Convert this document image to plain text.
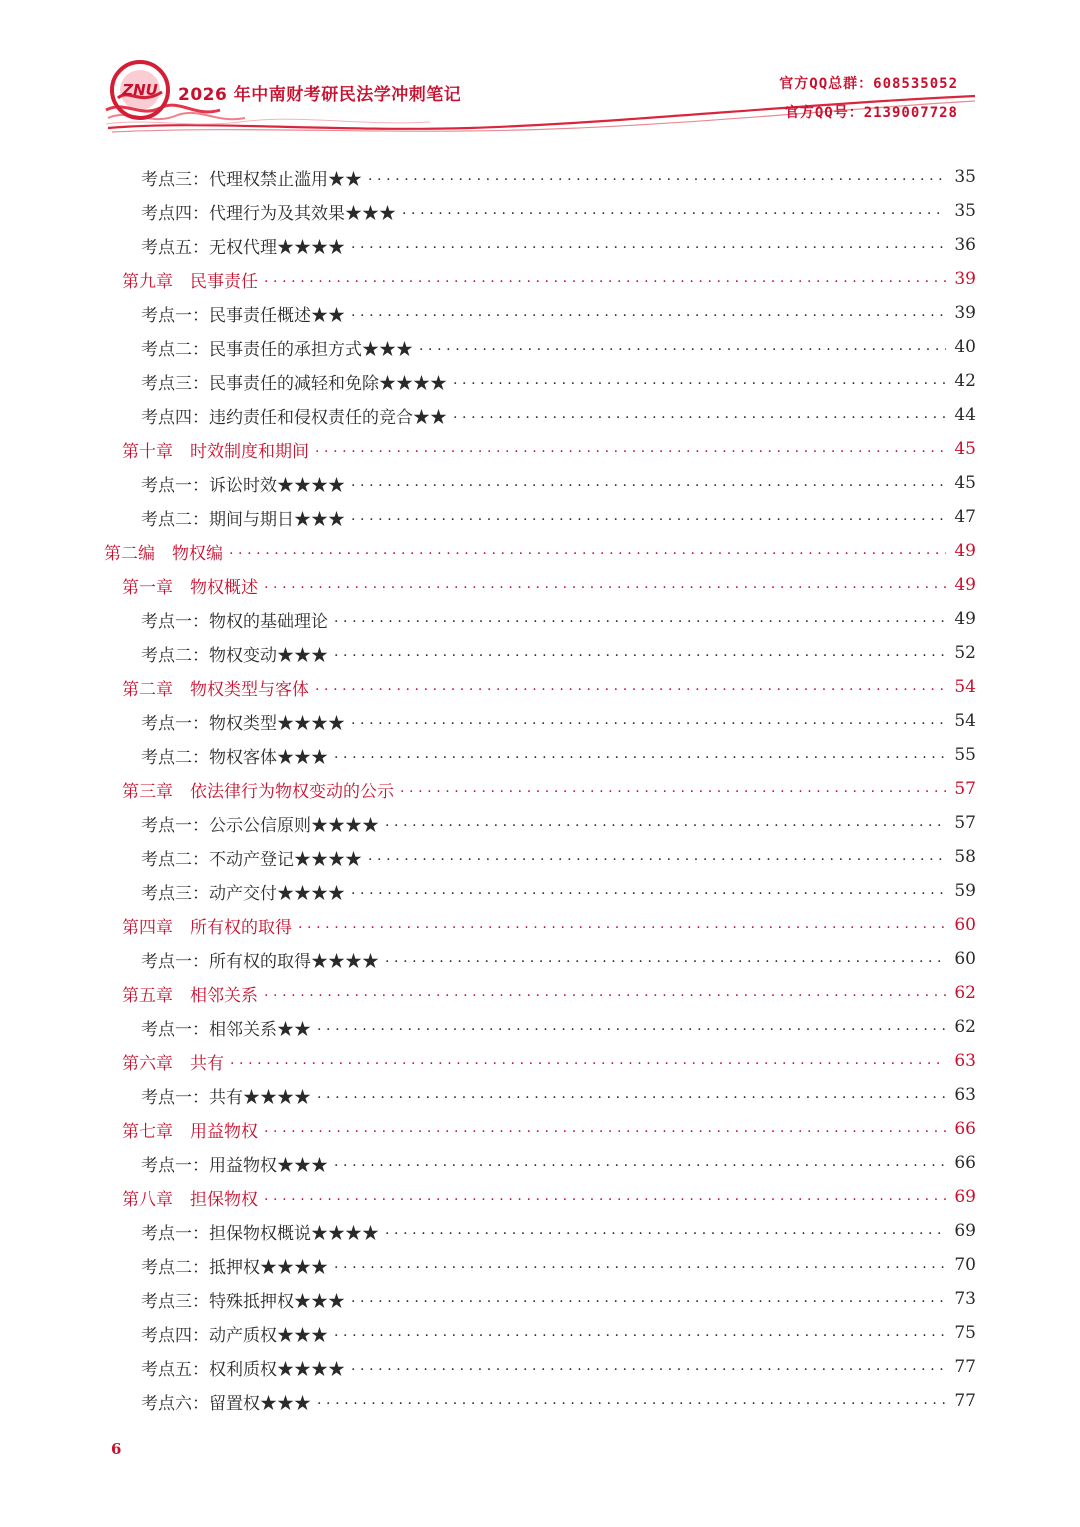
ZNU 2026 年中南财考研民法学冲刺笔记
官方QQ总群：608535052
官方QQ号：2139007728
考点三：代理权禁止滥用★★ .....	35
考点四：代理行为及其效果★★★ .....	35
考点五：无权代理★★★★ .....	36
第九章　民事责任 .....	39
考点一：民事责任概述★★ .....	39
考点二：民事责任的承担方式★★★ .....	40
考点三：民事责任的减轻和免除★★★★ .....	42
考点四：违约责任和侵权责任的竞合★★ .....	44
第十章　时效制度和期间 .....	45
考点一：诉讼时效★★★★ .....	45
考点二：期间与期日★★★ .....	47
第二编　物权编 .....	49
第一章　物权概述 .....	49
考点一：物权的基础理论 .....	49
考点二：物权变动★★★ .....	52
第二章　物权类型与客体 .....	54
考点一：物权类型★★★★ .....	54
考点二：物权客体★★★ .....	55
第三章　依法律行为物权变动的公示 .....	57
考点一：公示公信原则★★★★ .....	57
考点二：不动产登记★★★★ .....	58
考点三：动产交付★★★★ .....	59
第四章　所有权的取得 .....	60
考点一：所有权的取得★★★★ .....	60
第五章　相邻关系 .....	62
考点一：相邻关系★★ .....	62
第六章　共有 .....	63
考点一：共有★★★★ .....	63
第七章　用益物权 .....	66
考点一：用益物权★★★ .....	66
第八章　担保物权 .....	69
考点一：担保物权概说★★★★ .....	69
考点二：抵押权★★★★ .....	70
考点三：特殊抵押权★★★ .....	73
考点四：动产质权★★★ .....	75
考点五：权利质权★★★★ .....	77
考点六：留置权★★★ .....	77
6
